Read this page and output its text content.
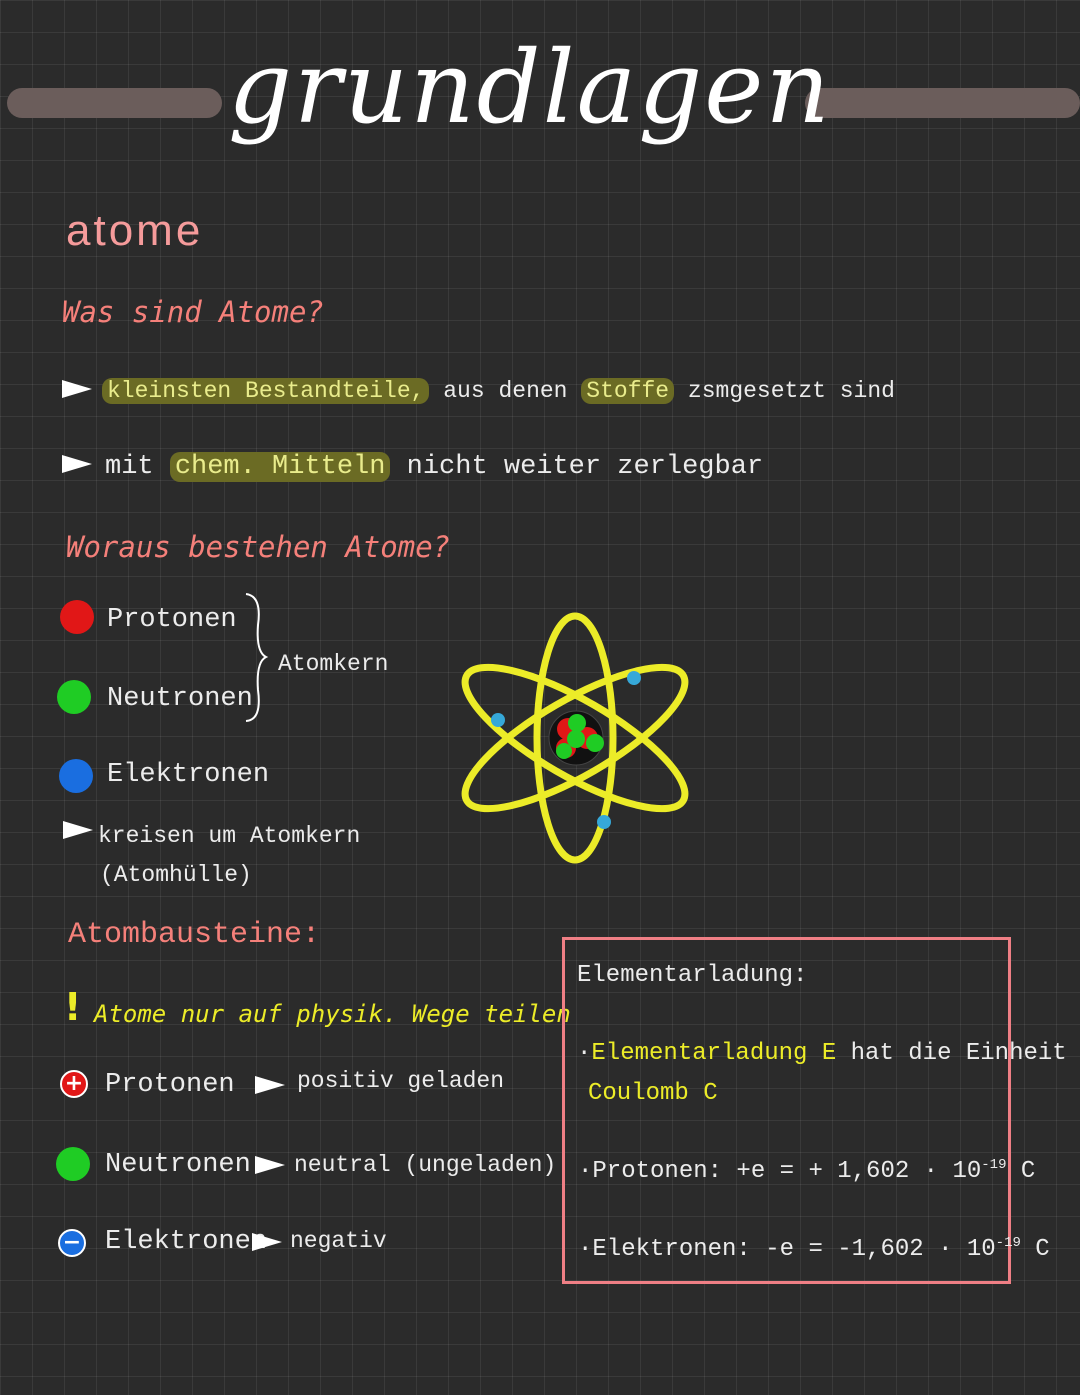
grundlagen
atome
Was sind Atome?
kleinsten Bestandteile, aus denen Stoffe zsmgesetzt sind
mit chem. Mitteln nicht weiter zerlegbar
Woraus bestehen Atome?
Protonen
Neutronen
Atomkern
Elektronen
kreisen um Atomkern
(Atomhülle)
Atombausteine:
! Atome nur auf physik. Wege teilen
+ Protonen	positiv geladen
Neutronen neutral (ungeladen)
− Elektronen negativ
Elementarladung:
·Elementarladung E hat die Einheit
Coulomb C
·Protonen: +e = + $1,602 \cdot 10^{-19}$ C
·Elektronen: $-e = -1,602 \cdot 10^{-19}$ C
